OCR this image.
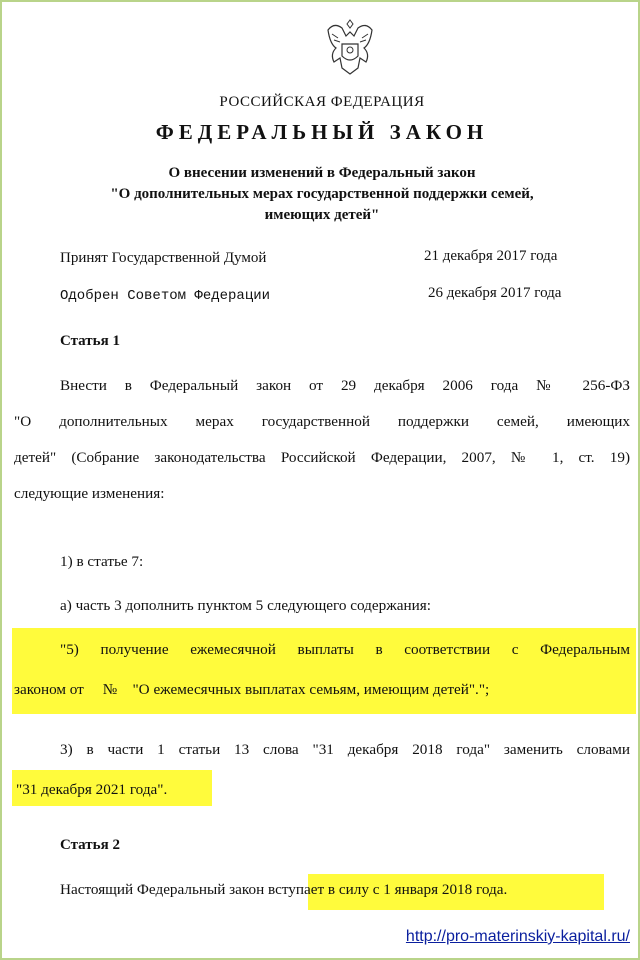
РОССИЙСКАЯ ФЕДЕРАЦИЯ
ФЕДЕРАЛЬНЫЙ ЗАКОН
О внесении изменений в Федеральный закон
"О дополнительных мерах государственной поддержки семей,
имеющих детей"
Принят Государственной Думой	21 декабря 2017 года
Одобрен Советом Федерации	26 декабря 2017 года
Статья 1
Внести в Федеральный закон от 29 декабря 2006 года № 256-ФЗ
"О дополнительных мерах государственной поддержки семей, имеющих
детей" (Собрание законодательства Российской Федерации, 2007, № 1, ст. 19)
следующие изменения:
1) в статье 7:
а) часть 3 дополнить пунктом 5 следующего содержания:
"5) получение ежемесячной выплаты в соответствии с Федеральным
законом от     №    "О ежемесячных выплатах семьям, имеющим детей".";
3) в части 1 статьи 13 слова "31 декабря 2018 года" заменить словами
"31 декабря 2021 года".
Статья 2
Настоящий Федеральный закон вступает в силу с 1 января 2018 года.
http://pro-materinskiy-kapital.ru/
